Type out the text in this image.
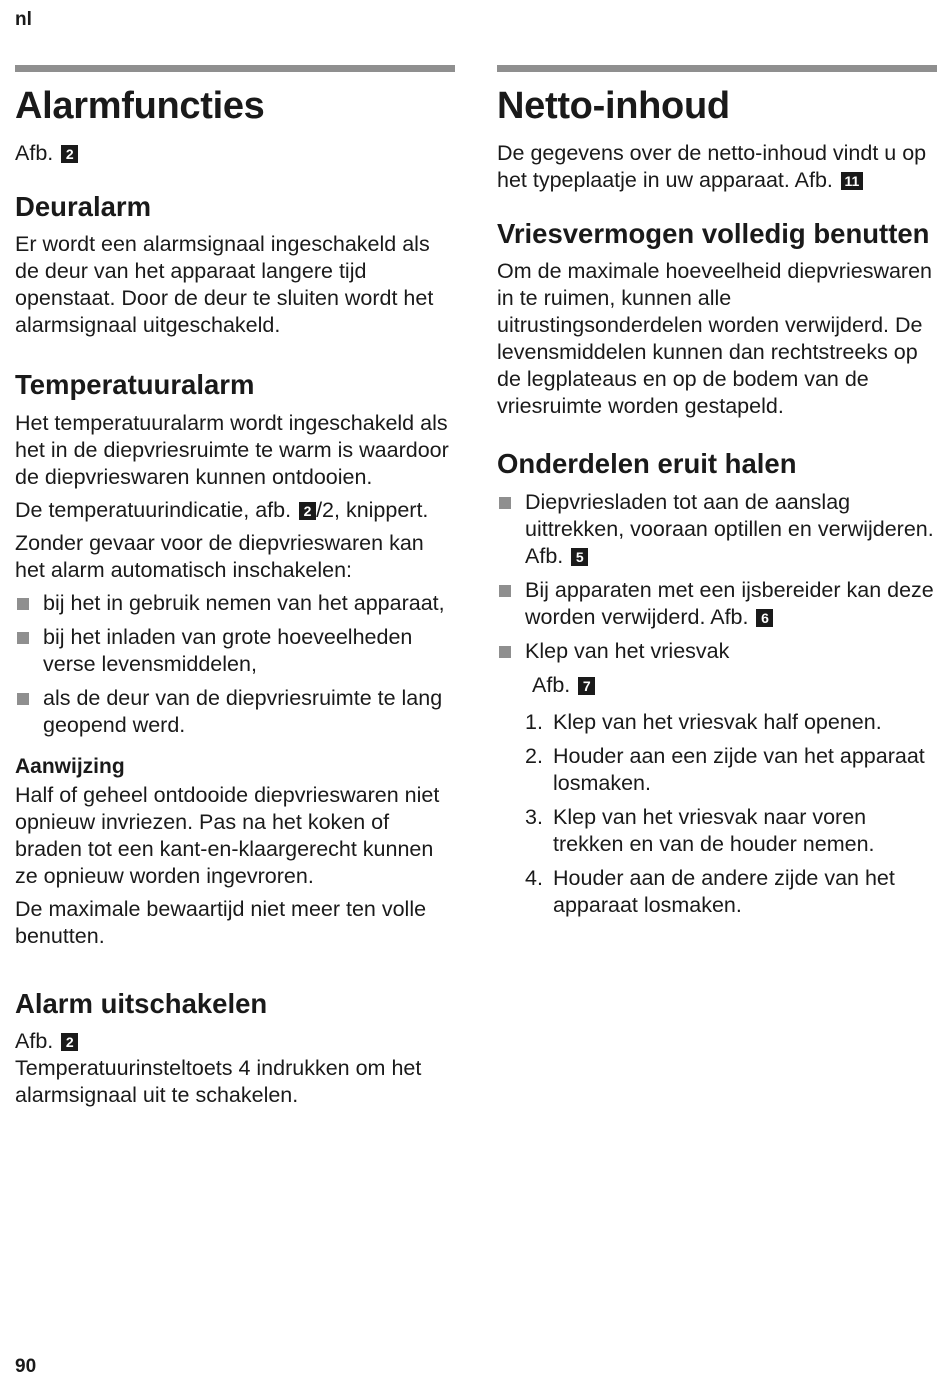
nl
Alarmfuncties

Afb. 2

Deuralarm

Er wordt een alarmsignaal ingeschakeld als de deur van het apparaat langere tijd openstaat. Door de deur te sluiten wordt het alarmsignaal uitgeschakeld.

Temperatuuralarm

Het temperatuuralarm wordt ingeschakeld als het in de diepvriesruimte te warm is waardoor de diepvrieswaren kunnen ontdooien.

De temperatuurindicatie, afb. 2 /2, knippert.

Zonder gevaar voor de diepvrieswaren kan het alarm automatisch inschakelen:

bij het in gebruik nemen van het apparaat,
bij het inladen van grote hoeveelheden verse levensmiddelen,
als de deur van de diepvriesruimte te lang geopend werd.
Aanwijzing

Half of geheel ontdooide diepvrieswaren niet opnieuw invriezen. Pas na het koken of braden tot een kant-en-klaargerecht kunnen ze opnieuw worden ingevroren.

De maximale bewaartijd niet meer ten volle benutten.

Alarm uitschakelen

Afb. 2

Temperatuurinsteltoets 4 indrukken om het alarmsignaal uit te schakelen.

Netto-inhoud

De gegevens over de netto-inhoud vindt u op het typeplaatje in uw apparaat. Afb. 11

Vriesvermogen volledig benutten

Om de maximale hoeveelheid diepvrieswaren in te ruimen, kunnen alle uitrustingsonderdelen worden verwijderd. De levensmiddelen kunnen dan rechtstreeks op de legplateaus en op de bodem van de vriesruimte worden gestapeld.

Onderdelen eruit halen
Diepvriesladen tot aan de aanslag uittrekken, vooraan optillen en verwijderen. Afb. 5
Bij apparaten met een ijsbereider kan deze worden verwijderd. Afb. 6
Klep van het vriesvak
Afb. 7
1. Klep van het vriesvak half openen.
2. Houder aan een zijde van het apparaat losmaken.
3. Klep van het vriesvak naar voren trekken en van de houder nemen.
4. Houder aan de andere zijde van het apparaat losmaken.
90
